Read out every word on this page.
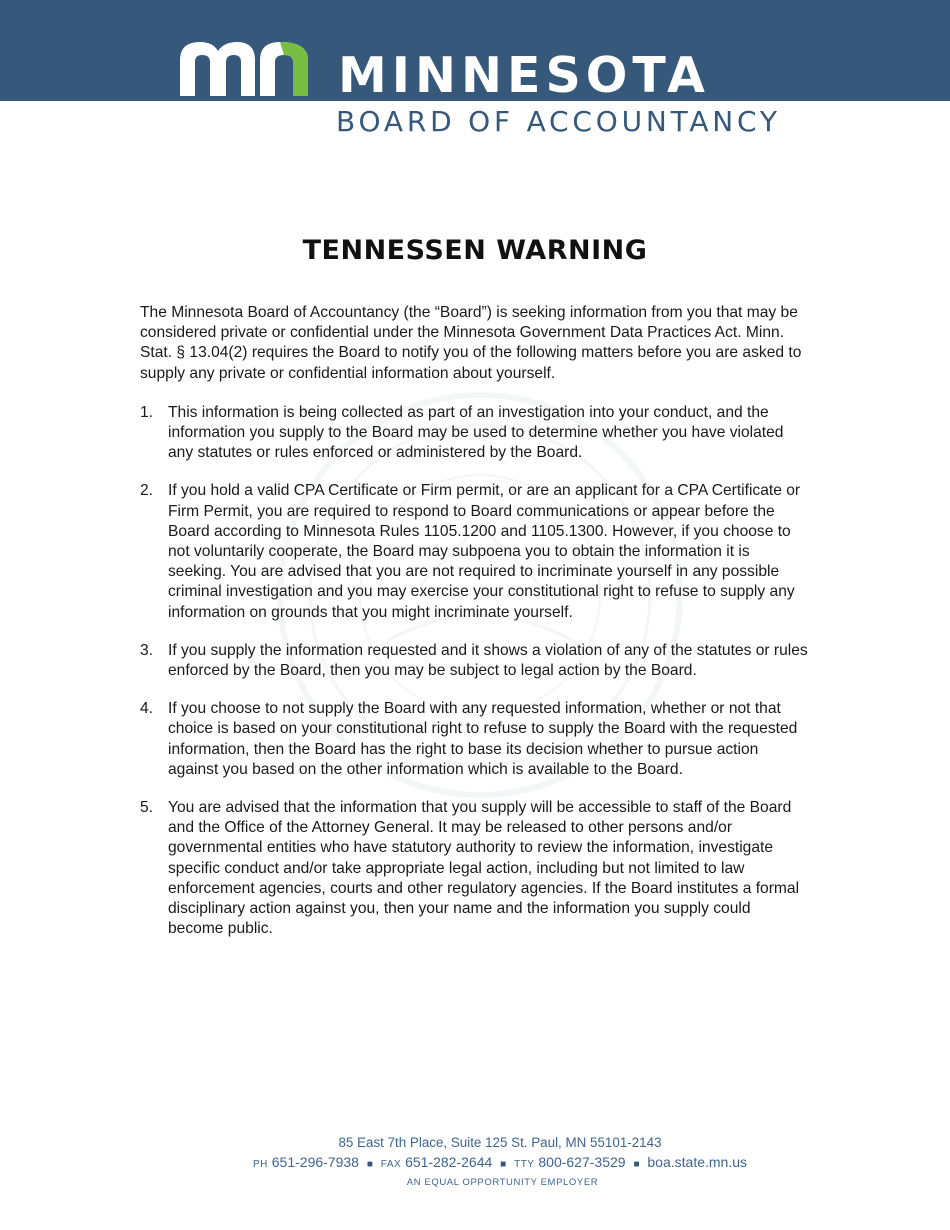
MINNESOTA
BOARD OF ACCOUNTANCY
TENNESSEN WARNING

The Minnesota Board of Accountancy (the “Board”) is seeking information from you that may be considered private or confidential under the Minnesota Government Data Practices Act. Minn. Stat. § 13.04(2) requires the Board to notify you of the following matters before you are asked to supply any private or confidential information about yourself.

1. This information is being collected as part of an investigation into your conduct, and the information you supply to the Board may be used to determine whether you have violated any statutes or rules enforced or administered by the Board.
2. If you hold a valid CPA Certificate or Firm permit, or are an applicant for a CPA Certificate or Firm Permit, you are required to respond to Board communications or appear before the Board according to Minnesota Rules 1105.1200 and 1105.1300. However, if you choose to not voluntarily cooperate, the Board may subpoena you to obtain the information it is seeking. You are advised that you are not required to incriminate yourself in any possible criminal investigation and you may exercise your constitutional right to refuse to supply any information on grounds that you might incriminate yourself.
3. If you supply the information requested and it shows a violation of any of the statutes or rules enforced by the Board, then you may be subject to legal action by the Board.
4. If you choose to not supply the Board with any requested information, whether or not that choice is based on your constitutional right to refuse to supply the Board with the requested information, then the Board has the right to base its decision whether to pursue action against you based on the other information which is available to the Board.
5. You are advised that the information that you supply will be accessible to staff of the Board and the Office of the Attorney General. It may be released to other persons and/or governmental entities who have statutory authority to review the information, investigate specific conduct and/or take appropriate legal action, including but not limited to law enforcement agencies, courts and other regulatory agencies. If the Board institutes a formal disciplinary action against you, then your name and the information you supply could become public.
85 East 7th Place, Suite 125 St. Paul, MN 55101-2143
PH 651-296-7938 ■ FAX 651-282-2644 ■ TTY 800-627-3529 ■ boa.state.mn.us
AN EQUAL OPPORTUNITY EMPLOYER
